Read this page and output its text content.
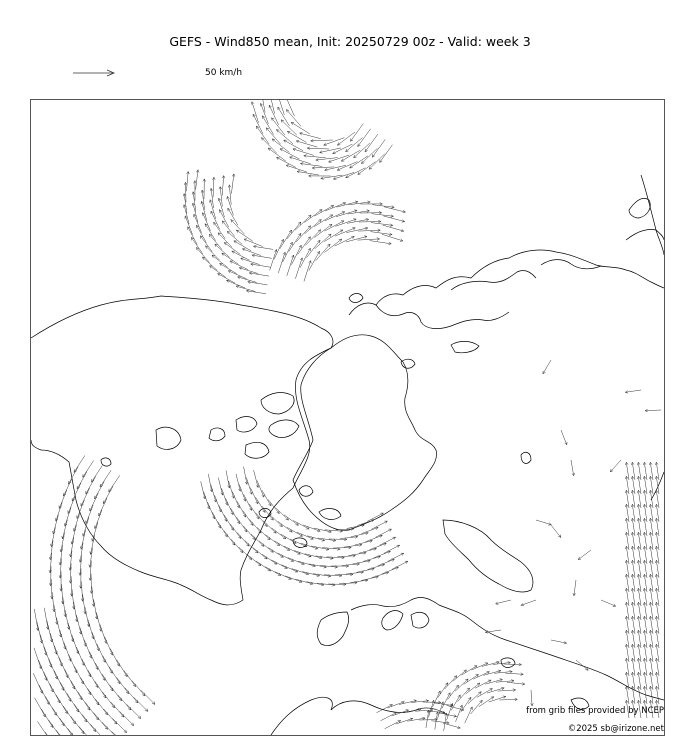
GEFS - Wind850 mean, Init: 20250729 00z - Valid: week 3
50 km/h
from grib files provided by NCEP
©2025 sb@irizone.net
